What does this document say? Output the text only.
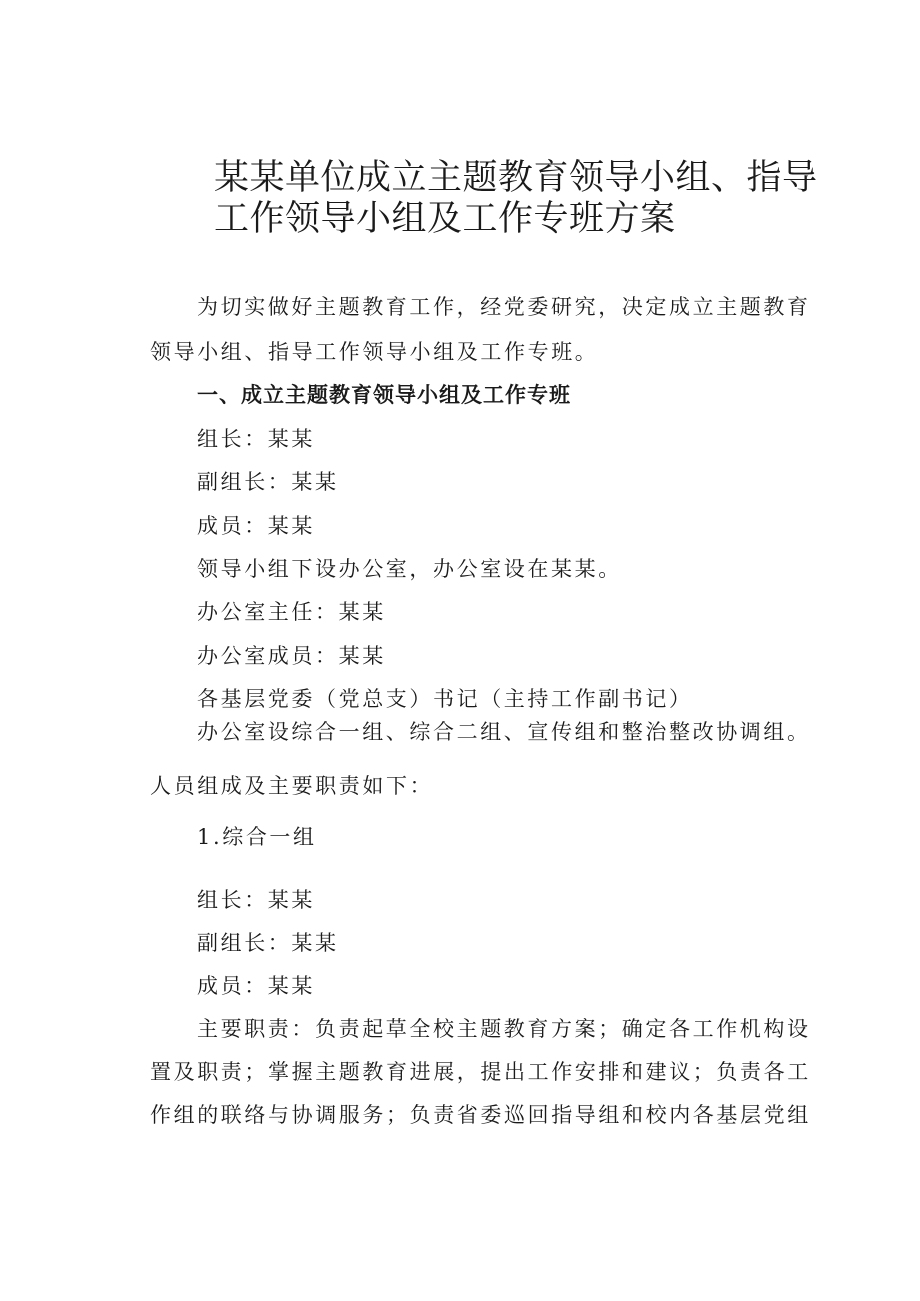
某某单位成立主题教育领导小组、指导
工作领导小组及工作专班方案
为切实做好主题教育工作，经党委研究，决定成立主题教育
领导小组、指导工作领导小组及工作专班。
一、成立主题教育领导小组及工作专班
组长：某某
副组长：某某
成员：某某
领导小组下设办公室，办公室设在某某。
办公室主任：某某
办公室成员：某某
各基层党委（党总支）书记（主持工作副书记）
办公室设综合一组、综合二组、宣传组和整治整改协调组。
人员组成及主要职责如下：
1.综合一组
组长：某某
副组长：某某
成员：某某
主要职责：负责起草全校主题教育方案；确定各工作机构设
置及职责；掌握主题教育进展，提出工作安排和建议；负责各工
作组的联络与协调服务；负责省委巡回指导组和校内各基层党组
